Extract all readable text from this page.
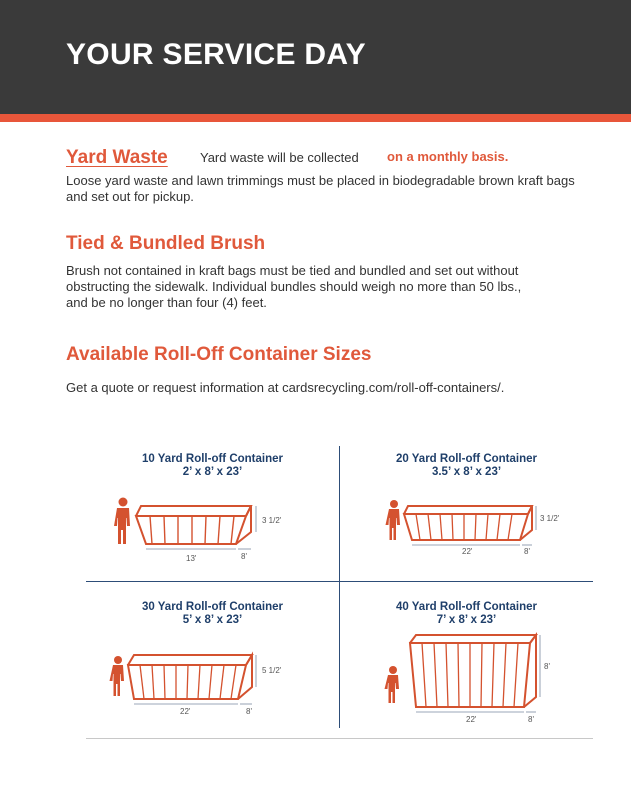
YOUR SERVICE DAY
Yard Waste Yard waste will be collected on a monthly basis.
Loose yard waste and lawn trimmings must be placed in biodegradable brown kraft bags and set out for pickup.
Tied & Bundled Brush
Brush not contained in kraft bags must be tied and bundled and set out without obstructing the sidewalk. Individual bundles should weigh no more than 50 lbs., and be no longer than four (4) feet.
Available Roll-Off Container Sizes
Get a quote or request information at cardsrecycling.com/roll-off-containers/.
10 Yard Roll-off Container
2’ x 8’ x 23’
3 1/2'
13'	8'
20 Yard Roll-off Container
3.5’ x 8’ x 23’
3 1/2'
22'	8'
30 Yard Roll-off Container
5’ x 8’ x 23’
5 1/2'
22'	8'
40 Yard Roll-off Container
7’ x 8’ x 23’
8'
22'	8'
